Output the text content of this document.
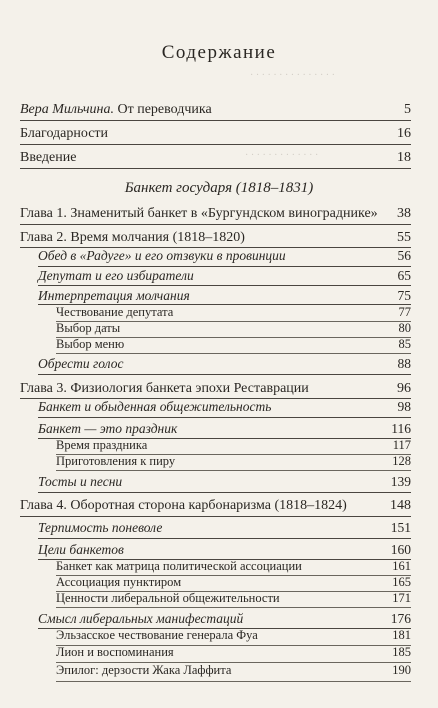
Содержание
· · · · · · · · · · · · · · ·
· · · · · · · · · · · · ·
Вера Мильчина. От переводчика	5
Благодарности	16
Введение	18
Банкет государя (1818–1831)
Глава 1. Знаменитый банкет в «Бургундском винограднике» 38
Глава 2. Время молчания (1818–1820)	55
Обед в «Радуге» и его отзвуки в провинции	56
Депутат и его избиратели	65
Интерпретация молчания	75
Чествование депутата	77
Выбор даты	80
Выбор меню	85
Обрести голос	88
Глава 3. Физиология банкета эпохи Реставрации	96
Банкет и обыденная общежительность	98
Банкет — это праздник	116
Время праздника	117
Приготовления к пиру	128
Тосты и песни	139
Глава 4. Оборотная сторона карбонаризма (1818–1824)	148
Терпимость поневоле	151
Цели банкетов	160
Банкет как матрица политической ассоциации	161
Ассоциация пунктиром	165
Ценности либеральной общежительности	171
Смысл либеральных манифестаций	176
Эльзасское чествование генерала Фуа	181
Лион и воспоминания	185
Эпилог: дерзости Жака Лаффита	190
